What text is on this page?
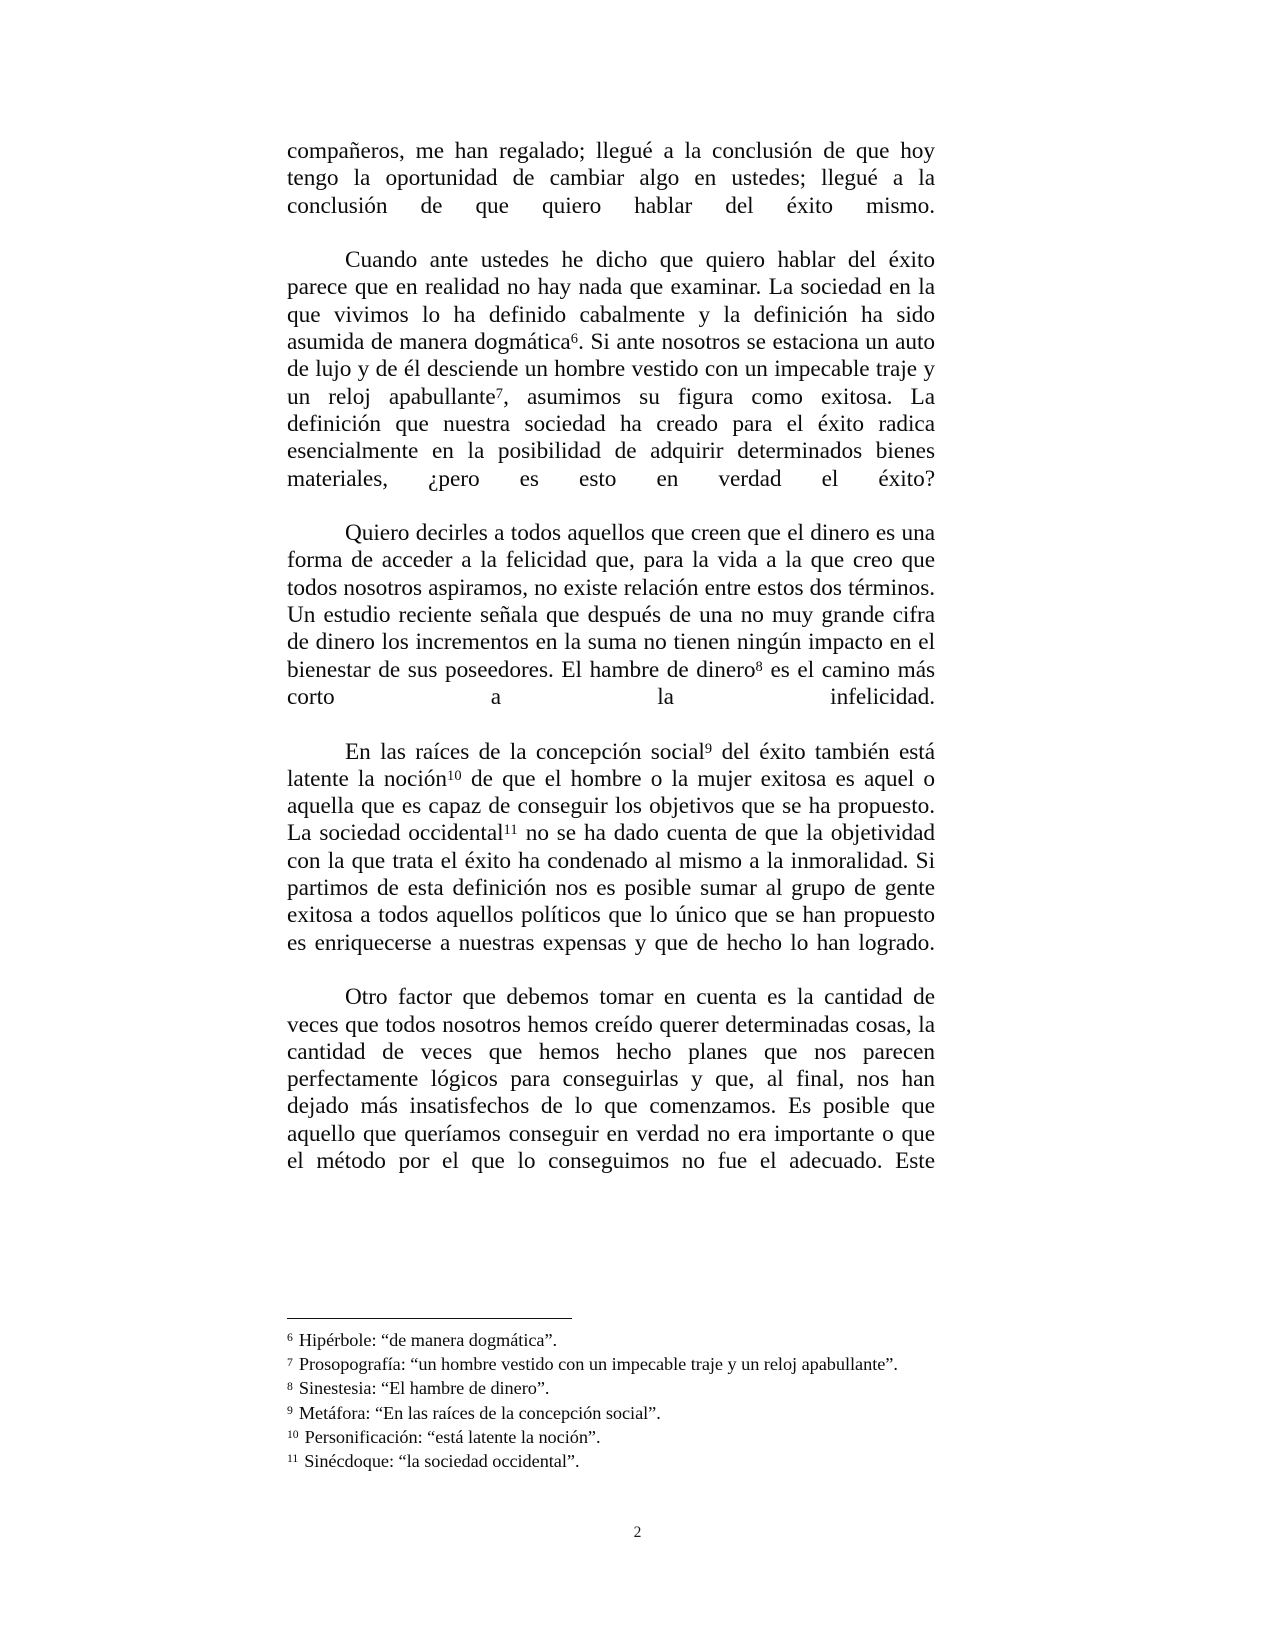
compañeros, me han regalado; llegué a la conclusión de que hoy tengo la oportunidad de cambiar algo en ustedes; llegué a la conclusión de que quiero hablar del éxito mismo.

Cuando ante ustedes he dicho que quiero hablar del éxito parece que en realidad no hay nada que examinar. La sociedad en la que vivimos lo ha definido cabalmente y la definición ha sido asumida de manera dogmática$^6$. Si ante nosotros se estaciona un auto de lujo y de él desciende un hombre vestido con un impecable traje y un reloj apabullante$^7$, asumimos su figura como exitosa. La definición que nuestra sociedad ha creado para el éxito radica esencialmente en la posibilidad de adquirir determinados bienes materiales, ¿pero es esto en verdad el éxito?

Quiero decirles a todos aquellos que creen que el dinero es una forma de acceder a la felicidad que, para la vida a la que creo que todos nosotros aspiramos, no existe relación entre estos dos términos. Un estudio reciente señala que después de una no muy grande cifra de dinero los incrementos en la suma no tienen ningún impacto en el bienestar de sus poseedores. El hambre de dinero$^8$ es el camino más corto a la infelicidad.

En las raíces de la concepción social$^9$ del éxito también está latente la noción$^{10}$ de que el hombre o la mujer exitosa es aquel o aquella que es capaz de conseguir los objetivos que se ha propuesto. La sociedad occidental$^{11}$ no se ha dado cuenta de que la objetividad con la que trata el éxito ha condenado al mismo a la inmoralidad. Si partimos de esta definición nos es posible sumar al grupo de gente exitosa a todos aquellos políticos que lo único que se han propuesto es enriquecerse a nuestras expensas y que de hecho lo han logrado.

Otro factor que debemos tomar en cuenta es la cantidad de veces que todos nosotros hemos creído querer determinadas cosas, la cantidad de veces que hemos hecho planes que nos parecen perfectamente lógicos para conseguirlas y que, al final, nos han dejado más insatisfechos de lo que comenzamos. Es posible que aquello que queríamos conseguir en verdad no era importante o que el método por el que lo conseguimos no fue el adecuado. Este

$^6$ Hipérbole: “de manera dogmática”.

$^7$ Prosopografía: “un hombre vestido con un impecable traje y un reloj apabullante”.

$^8$ Sinestesia: “El hambre de dinero”.

$^9$ Metáfora: “En las raíces de la concepción social”.

$^{10}$ Personificación: “está latente la noción”.

$^{11}$ Sinécdoque: “la sociedad occidental”.

2
